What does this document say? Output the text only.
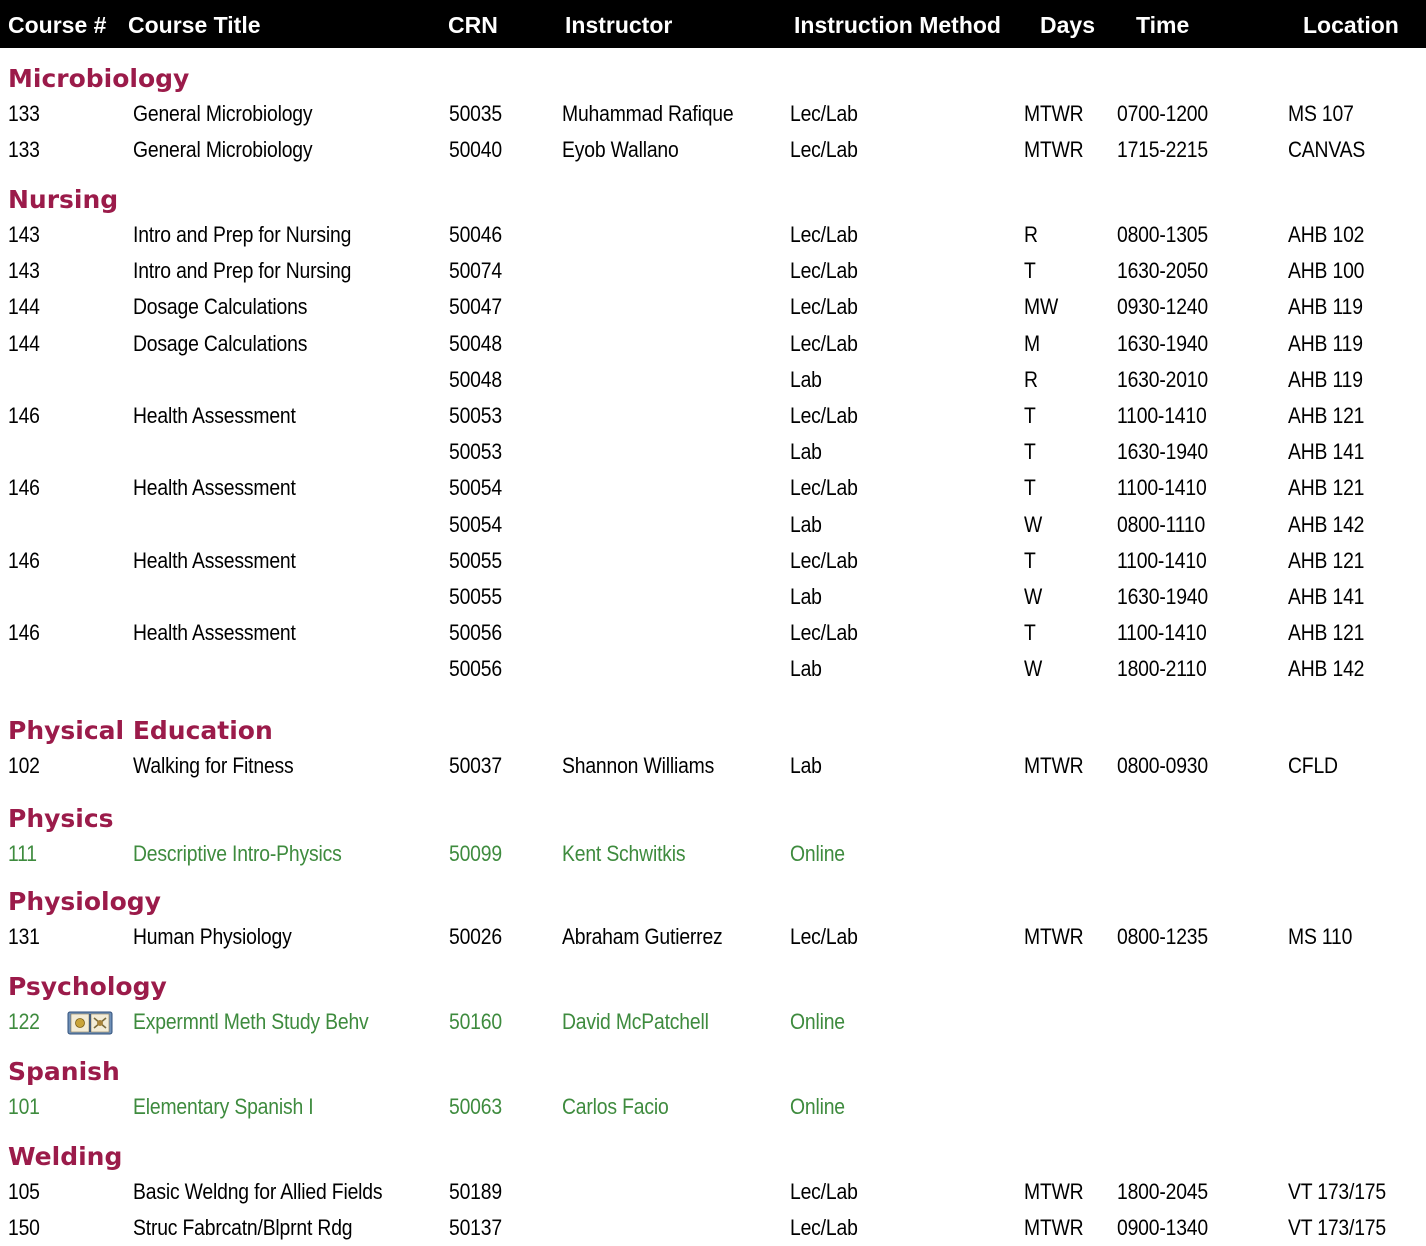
Course # Course Title	CRN	Instructor	Instruction Method Days Time	Location
Microbiology
133	General Microbiology	50035	Muhammad Rafique	Lec/Lab	MTWR 0700-1200	MS 107
133	General Microbiology	50040	Eyob Wallano	Lec/Lab	MTWR 1715-2215	CANVAS
Nursing
143	Intro and Prep for Nursing	50046	Lec/Lab	R	0800-1305	AHB 102
143	Intro and Prep for Nursing	50074	Lec/Lab	T	1630-2050	AHB 100
144	Dosage Calculations	50047	Lec/Lab	MW	0930-1240	AHB 119
144	Dosage Calculations	50048	Lec/Lab	M	1630-1940	AHB 119
50048	Lab	R	1630-2010	AHB 119
146	Health Assessment	50053	Lec/Lab	T	1100-1410	AHB 121
50053	Lab	T	1630-1940	AHB 141
146	Health Assessment	50054	Lec/Lab	T	1100-1410	AHB 121
50054	Lab	W	0800-1110	AHB 142
146	Health Assessment	50055	Lec/Lab	T	1100-1410	AHB 121
50055	Lab	W	1630-1940	AHB 141
146	Health Assessment	50056	Lec/Lab	T	1100-1410	AHB 121
50056	Lab	W	1800-2110	AHB 142
Physical Education
102	Walking for Fitness	50037	Shannon Williams	Lab	MTWR 0800-0930	CFLD
Physics
111	Descriptive Intro-Physics	50099	Kent Schwitkis	Online
Physiology
131	Human Physiology	50026	Abraham Gutierrez	Lec/Lab	MTWR 0800-1235	MS 110
Psychology
122	Expermntl Meth Study Behv	50160	David McPatchell	Online
Spanish
101	Elementary Spanish I	50063	Carlos Facio	Online
Welding
105	Basic Weldng for Allied Fields	50189	Lec/Lab	MTWR 1800-2045	VT 173/175
150	Struc Fabrcatn/Blprnt Rdg	50137	Lec/Lab	MTWR 0900-1340	VT 173/175
